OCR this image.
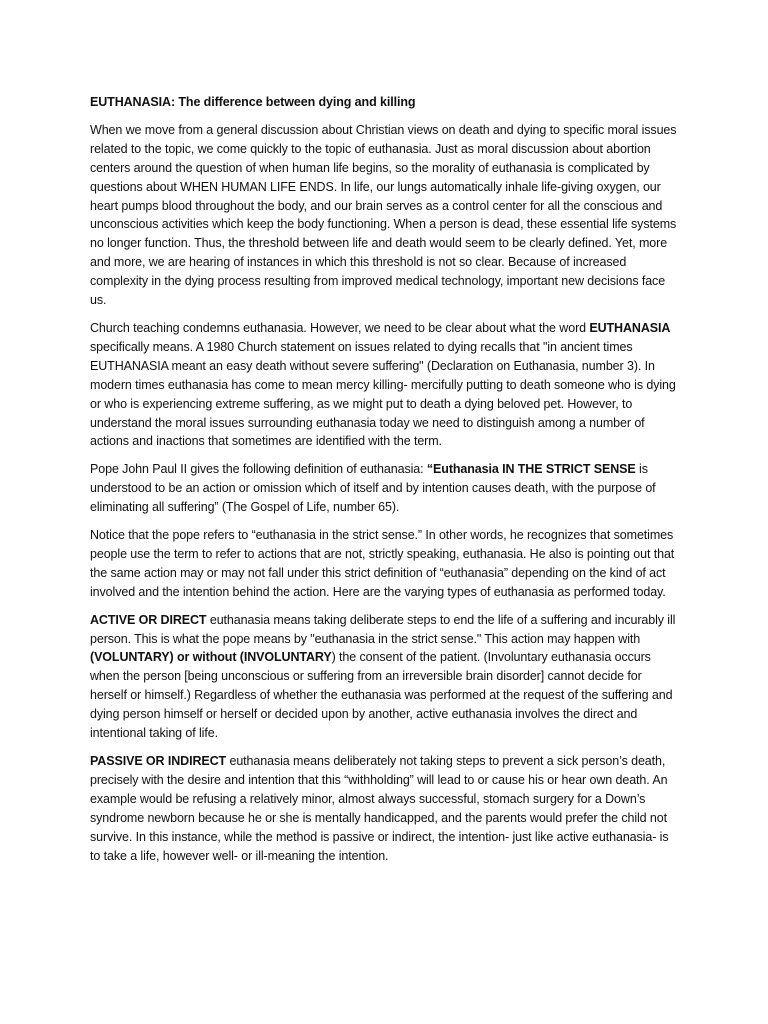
EUTHANASIA: The difference between dying and killing

When we move from a general discussion about Christian views on death and dying to specific moral issues related to the topic, we come quickly to the topic of euthanasia. Just as moral discussion about abortion centers around the question of when human life begins, so the morality of euthanasia is complicated by questions about WHEN HUMAN LIFE ENDS. In life, our lungs automatically inhale life-giving oxygen, our heart pumps blood throughout the body, and our brain serves as a control center for all the conscious and unconscious activities which keep the body functioning. When a person is dead, these essential life systems no longer function. Thus, the threshold between life and death would seem to be clearly defined. Yet, more and more, we are hearing of instances in which this threshold is not so clear. Because of increased complexity in the dying process resulting from improved medical technology, important new decisions face us.

Church teaching condemns euthanasia. However, we need to be clear about what the word EUTHANASIA specifically means. A 1980 Church statement on issues related to dying recalls that "in ancient times EUTHANASIA meant an easy death without severe suffering" (Declaration on Euthanasia, number 3). In modern times euthanasia has come to mean mercy killing- mercifully putting to death someone who is dying or who is experiencing extreme suffering, as we might put to death a dying beloved pet. However, to understand the moral issues surrounding euthanasia today we need to distinguish among a number of actions and inactions that sometimes are identified with the term.

Pope John Paul II gives the following definition of euthanasia: “Euthanasia IN THE STRICT SENSE is understood to be an action or omission which of itself and by intention causes death, with the purpose of eliminating all suffering” (The Gospel of Life, number 65).

Notice that the pope refers to “euthanasia in the strict sense.” In other words, he recognizes that sometimes people use the term to refer to actions that are not, strictly speaking, euthanasia. He also is pointing out that the same action may or may not fall under this strict definition of “euthanasia” depending on the kind of act involved and the intention behind the action. Here are the varying types of euthanasia as performed today.

ACTIVE OR DIRECT euthanasia means taking deliberate steps to end the life of a suffering and incurably ill person. This is what the pope means by "euthanasia in the strict sense." This action may happen with (VOLUNTARY) or without (INVOLUNTARY) the consent of the patient. (Involuntary euthanasia occurs when the person [being unconscious or suffering from an irreversible brain disorder] cannot decide for herself or himself.) Regardless of whether the euthanasia was performed at the request of the suffering and dying person himself or herself or decided upon by another, active euthanasia involves the direct and intentional taking of life.

PASSIVE OR INDIRECT euthanasia means deliberately not taking steps to prevent a sick person’s death, precisely with the desire and intention that this “withholding” will lead to or cause his or hear own death. An example would be refusing a relatively minor, almost always successful, stomach surgery for a Down’s syndrome newborn because he or she is mentally handicapped, and the parents would prefer the child not survive. In this instance, while the method is passive or indirect, the intention- just like active euthanasia- is to take a life, however well- or ill-meaning the intention.
